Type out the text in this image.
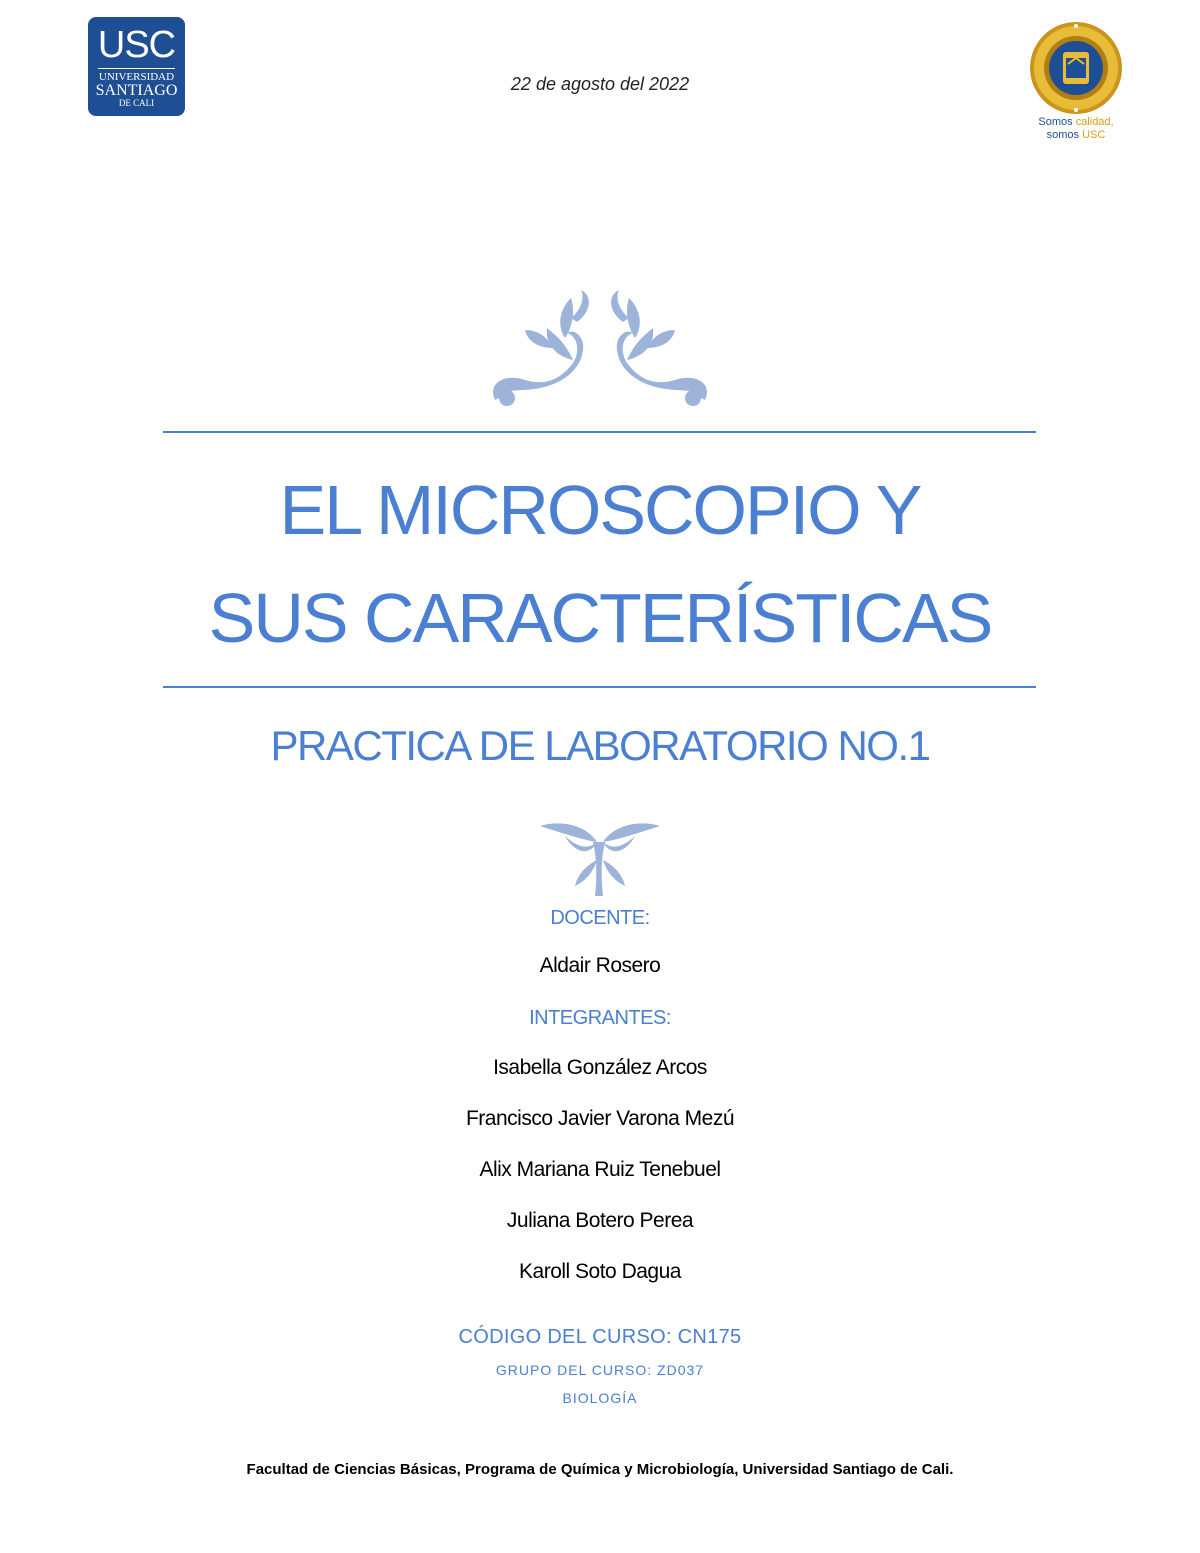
USC
UNIVERSIDAD
SANTIAGO
DE CALI
22 de agosto del 2022
Somos calidad,
somos USC
EL MICROSCOPIO Y
SUS CARACTERÍSTICAS
PRACTICA DE LABORATORIO NO.1
DOCENTE:
Aldair Rosero
INTEGRANTES:
Isabella González Arcos
Francisco Javier Varona Mezú
Alix Mariana Ruiz Tenebuel
Juliana Botero Perea
Karoll Soto Dagua
CÓDIGO DEL CURSO: CN175
GRUPO DEL CURSO: ZD037
BIOLOGÍA
Facultad de Ciencias Básicas, Programa de Química y Microbiología, Universidad Santiago de Cali.
